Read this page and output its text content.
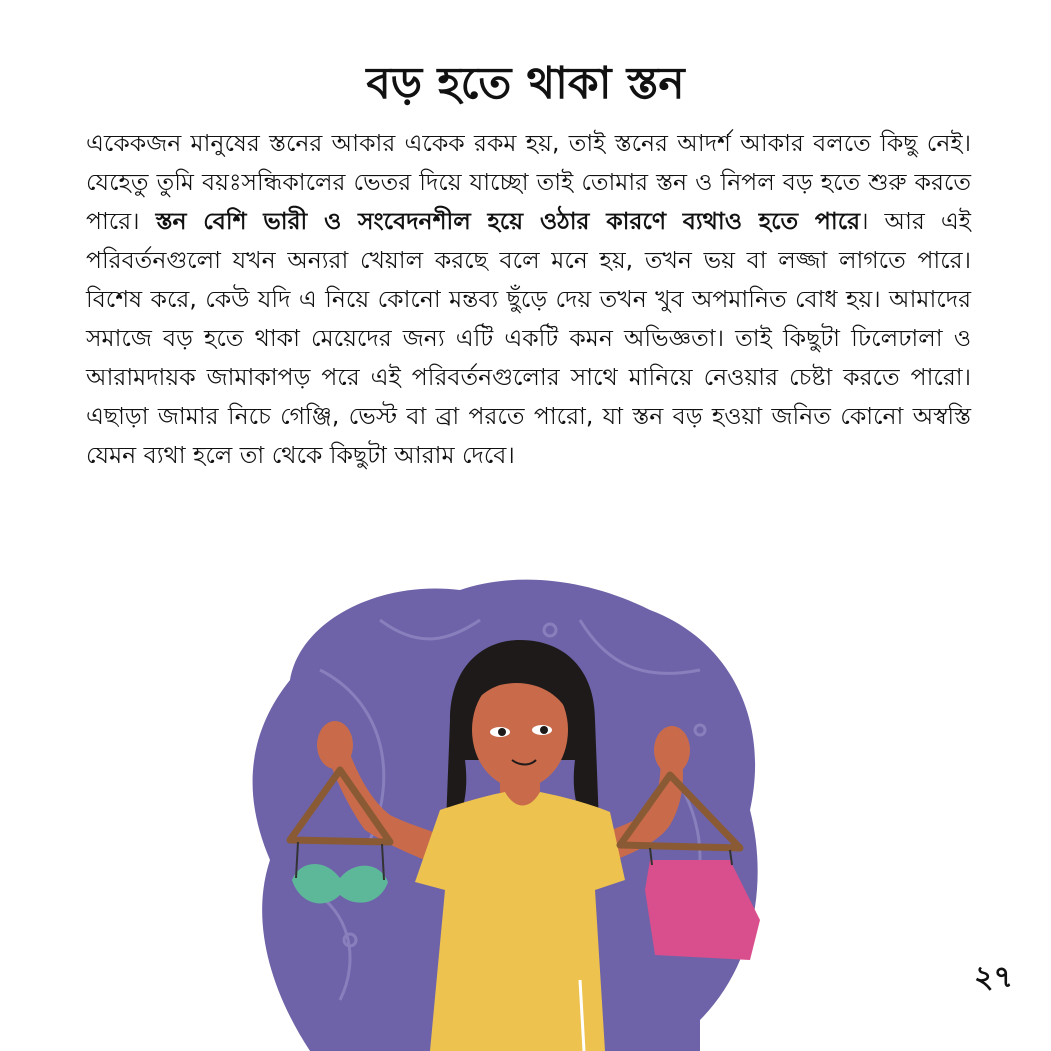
বড় হতে থাকা স্তন

একেকজন মানুষের স্তনের আকার একেক রকম হয়, তাই স্তনের আদর্শ আকার বলতে কিছু নেই। যেহেতু তুমি বয়ঃসন্ধিকালের ভেতর দিয়ে যাচ্ছো তাই তোমার স্তন ও নিপল বড় হতে শুরু করতে পারে। স্তন বেশি ভারী ও সংবেদনশীল হয়ে ওঠার কারণে ব্যথাও হতে পারে। আর এই পরিবর্তনগুলো যখন অন্যরা খেয়াল করছে বলে মনে হয়, তখন ভয় বা লজ্জা লাগতে পারে। বিশেষ করে, কেউ যদি এ নিয়ে কোনো মন্তব্য ছুঁড়ে দেয় তখন খুব অপমানিত বোধ হয়। আমাদের সমাজে বড় হতে থাকা মেয়েদের জন্য এটি একটি কমন অভিজ্ঞতা। তাই কিছুটা ঢিলেঢালা ও আরামদায়ক জামাকাপড় পরে এই পরিবর্তনগুলোর সাথে মানিয়ে নেওয়ার চেষ্টা করতে পারো। এছাড়া জামার নিচে গেঞ্জি, ভেস্ট বা ব্রা পরতে পারো, যা স্তন বড় হওয়া জনিত কোনো অস্বস্তি যেমন ব্যথা হলে তা থেকে কিছুটা আরাম দেবে।

২৭
